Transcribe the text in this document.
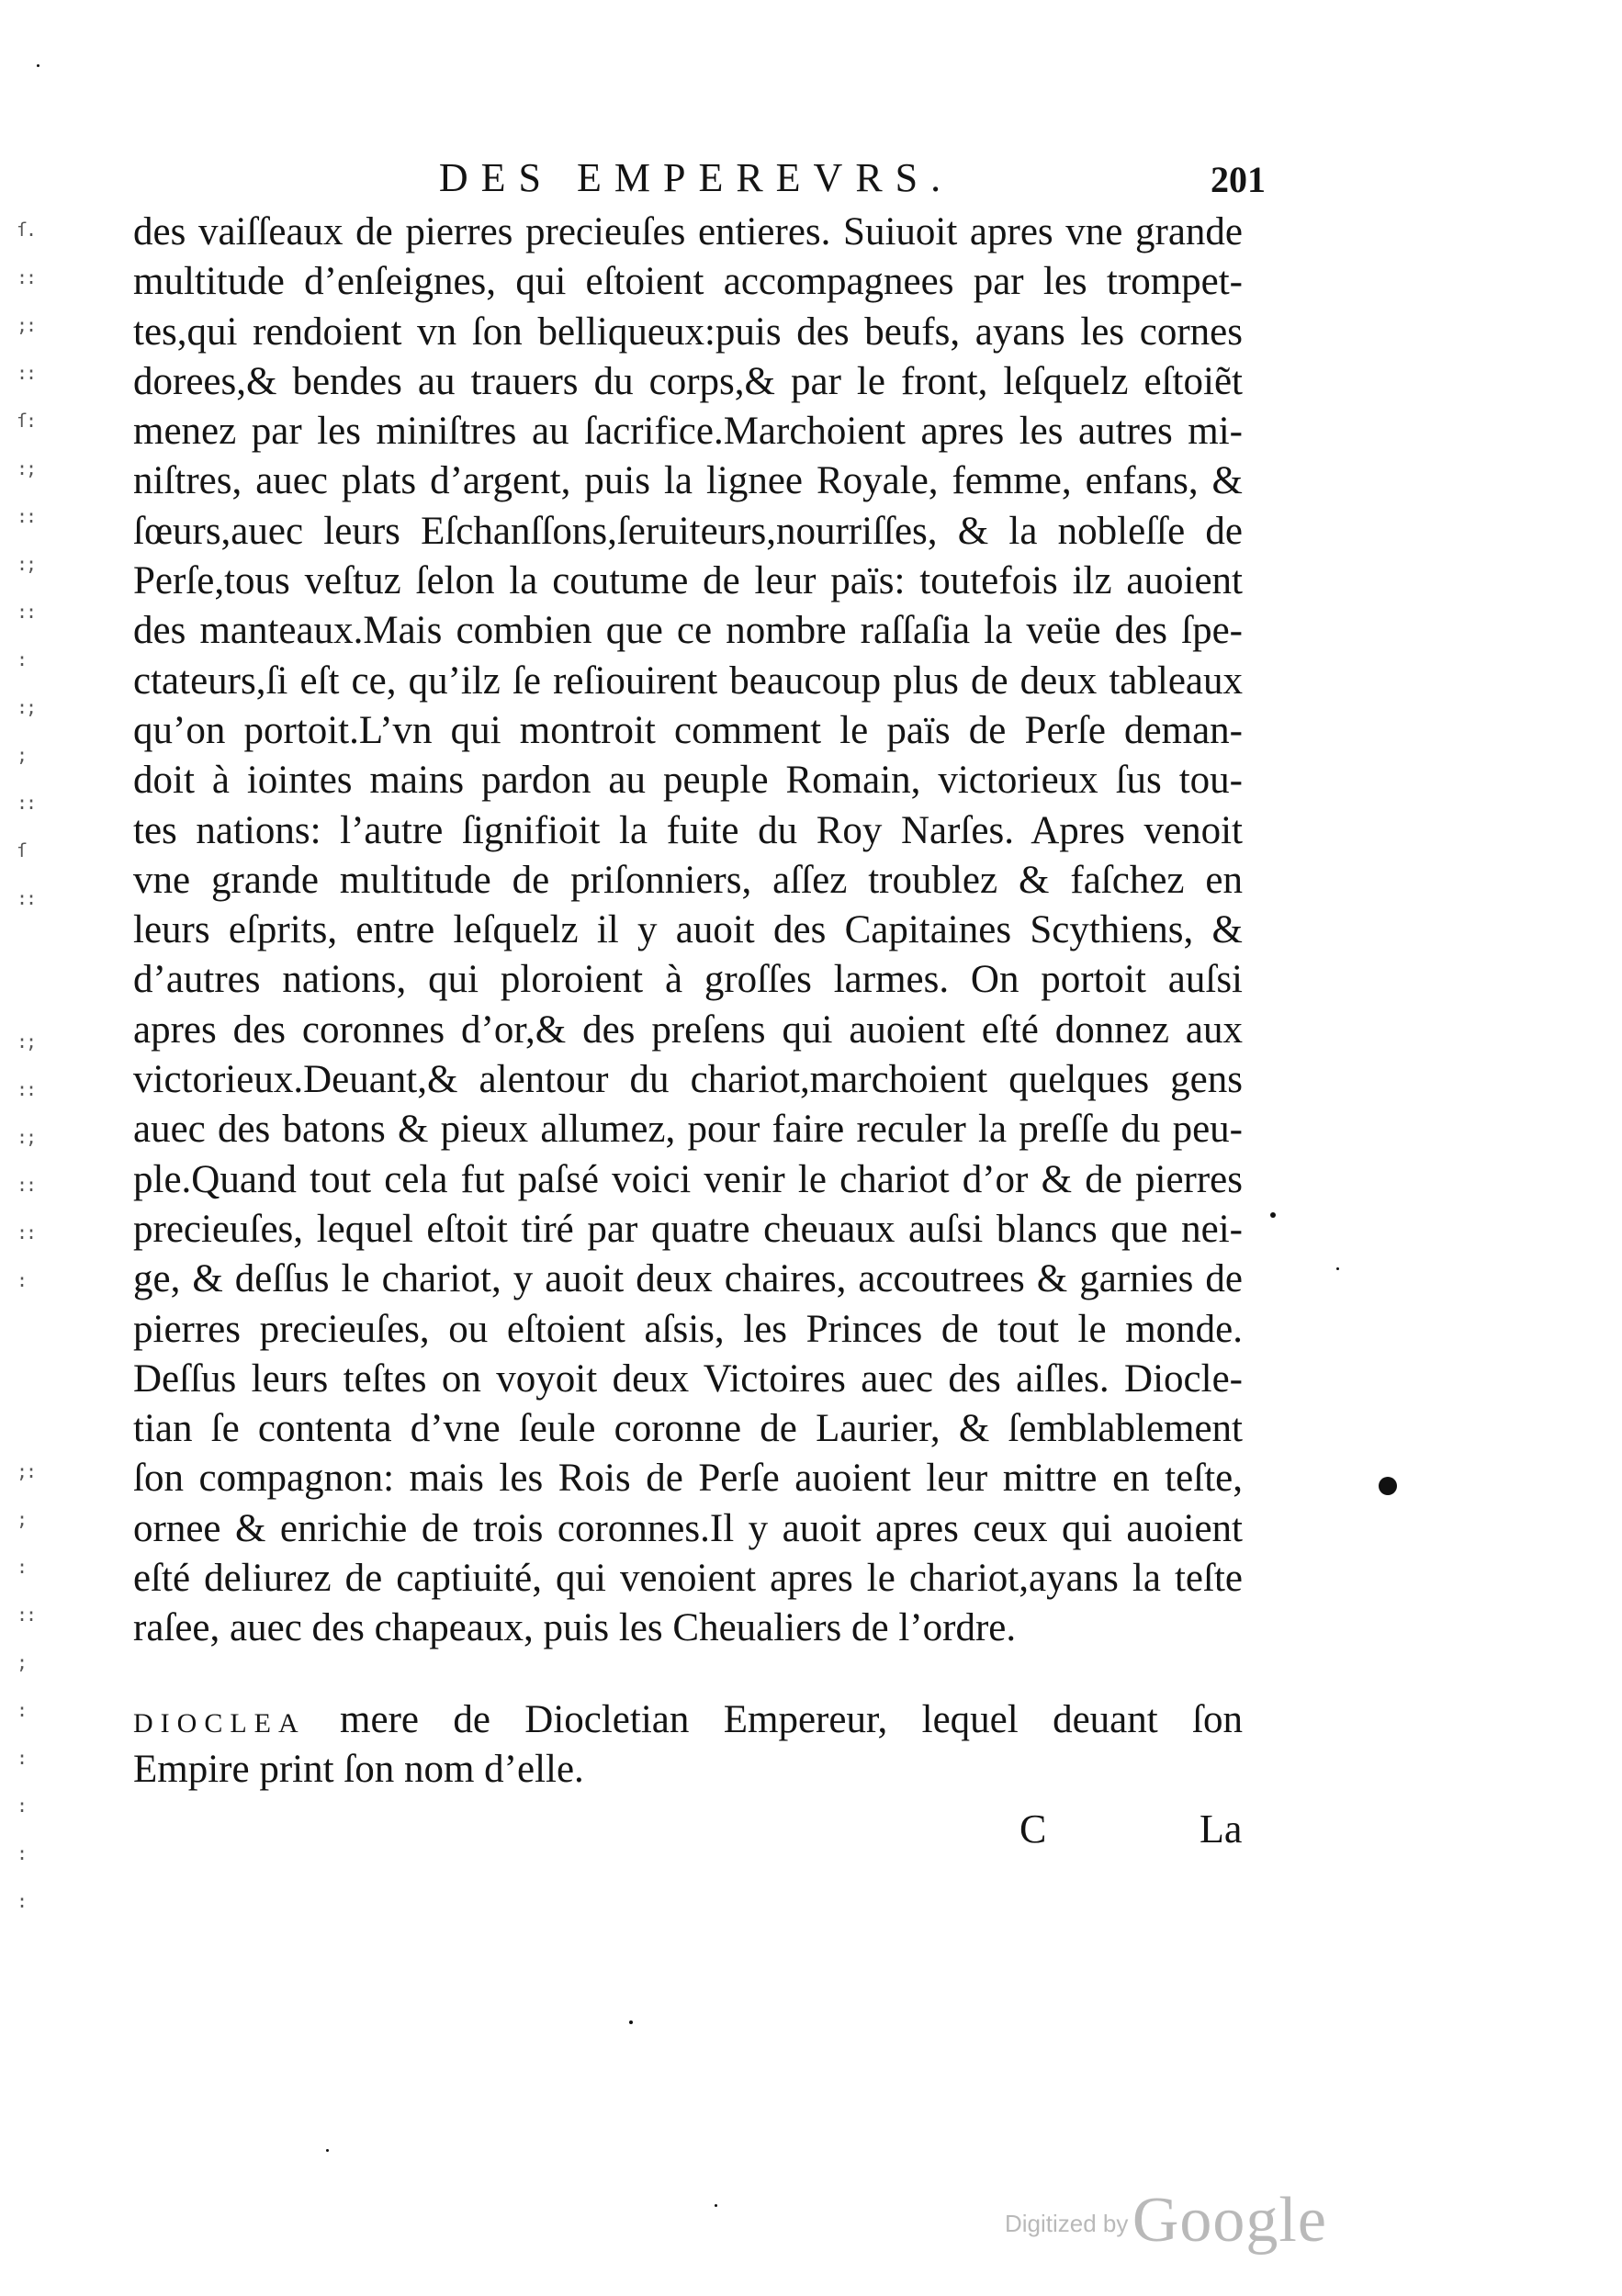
ſ.
::
;:
::
ſ:
:;
::
:;
::
:
:;
;
::
ſ
::

:;
::
:;
::
::
:

;:
;
:
::
;
:
:
:
:
:
DES EMPEREVRS.	201
des vaiſſeaux de pierres precieuſes entieres. Suiuoit apres vne grande
multitude d’enſeignes, qui eſtoient accompagnees par les trompet-
tes,qui rendoient vn ſon belliqueux:puis des beufs, ayans les cornes
dorees,& bendes au trauers du corps,& par le front, leſquelz eſtoiẽt
menez par les miniſtres au ſacrifice.Marchoient apres les autres mi-
niſtres, auec plats d’argent, puis la lignee Royale, femme, enfans, &
ſœurs,auec leurs Eſchanſſons,ſeruiteurs,nourriſſes, & la nobleſſe de
Perſe,tous veſtuz ſelon la coutume de leur païs: toutefois ilz auoient
des manteaux.Mais combien que ce nombre raſſaſia la veüe des ſpe-
ctateurs,ſi eſt ce, qu’ilz ſe reſiouirent beaucoup plus de deux tableaux
qu’on portoit.L’vn qui montroit comment le païs de Perſe deman-
doit à iointes mains pardon au peuple Romain, victorieux ſus tou-
tes nations: l’autre ſignifioit la fuite du Roy Narſes. Apres venoit
vne grande multitude de priſonniers, aſſez troublez & faſchez en
leurs eſprits, entre leſquelz il y auoit des Capitaines Scythiens, &
d’autres nations, qui ploroient à groſſes larmes. On portoit auſsi
apres des coronnes d’or,& des preſens qui auoient eſté donnez aux
victorieux.Deuant,& alentour du chariot,marchoient quelques gens
auec des batons & pieux allumez, pour faire reculer la preſſe du peu-
ple.Quand tout cela fut paſsé voici venir le chariot d’or & de pierres
precieuſes, lequel eſtoit tiré par quatre cheuaux auſsi blancs que nei-
ge, & deſſus le chariot, y auoit deux chaires, accoutrees & garnies de
pierres precieuſes, ou eſtoient aſsis, les Princes de tout le monde.
Deſſus leurs teſtes on voyoit deux Victoires auec des aiſles. Diocle-
tian ſe contenta d’vne ſeule coronne de Laurier, & ſemblablement
ſon compagnon: mais les Rois de Perſe auoient leur mittre en teſte,
ornee & enrichie de trois coronnes.Il y auoit apres ceux qui auoient
eſté deliurez de captiuité, qui venoient apres le chariot,ayans la teſte
raſee, auec des chapeaux, puis les Cheualiers de l’ordre.
DIOCLEA mere de Diocletian Empereur, lequel deuant ſon
Empire print ſon nom d’elle.
C	La
Digitized by Google
